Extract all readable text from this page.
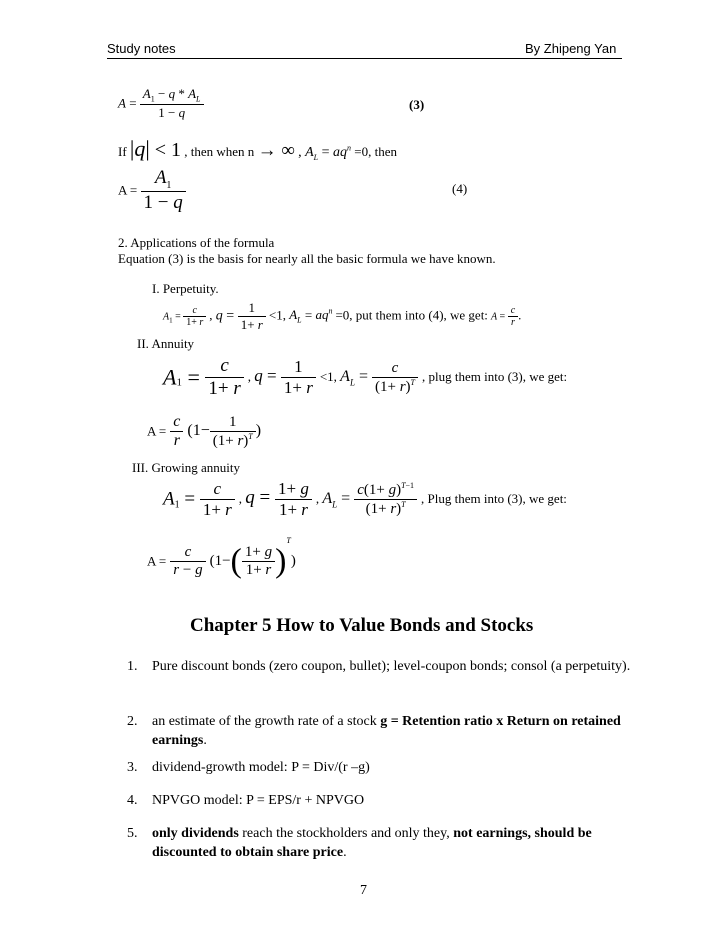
Study notes	By Zhipeng Yan
$A = \frac{A_1 - q * A_L}{1 - q}$	(3)
If |q| < 1 , then when n → ∞ , $A_L = aq^n =0$, then
$A = \frac{A_1}{1 - q}$	(4)
2. Applications of the formula
Equation (3) is the basis for nearly all the basic formula we have known.
I. Perpetuity.
$A_1 = \frac{c}{1+ r}$ , $q = \frac{1}{1+ r} <1$, $A_L = aq^n =0$, put them into (4), we get: $A = \frac{c}{r}$ .
II. Annuity
$A_1 = \frac{c}{1+ r}$ , $q = \frac{1}{1+ r} <1$, $A_L = \frac{c}{(1+ r)^T}$ , plug them into (3), we get:
$A = \frac{c}{r} (1- \frac{1}{(1+ r)^T}$ )
III. Growing annuity
$A_1 = \frac{c}{1+ r}$ , $q = \frac{1+ g}{1+ r}$ , $A_L = \frac{c(1+ g)^{T-1}}{(1+ r)^T}$ , Plug them into (3), we get:
$A = \frac{c}{r - g} (1-( \frac{1+ g}{1+ r} )^T)$
Chapter 5 How to Value Bonds and Stocks
1. Pure discount bonds (zero coupon, bullet); level-coupon bonds; consol (a perpetuity).
2. an estimate of the growth rate of a stock g = Retention ratio x Return on retained earnings.
3. dividend-growth model: P = Div/(r –g)
4. NPVGO model: P = EPS/r + NPVGO
5. only dividends reach the stockholders and only they, not earnings, should be discounted to obtain share price.
7
